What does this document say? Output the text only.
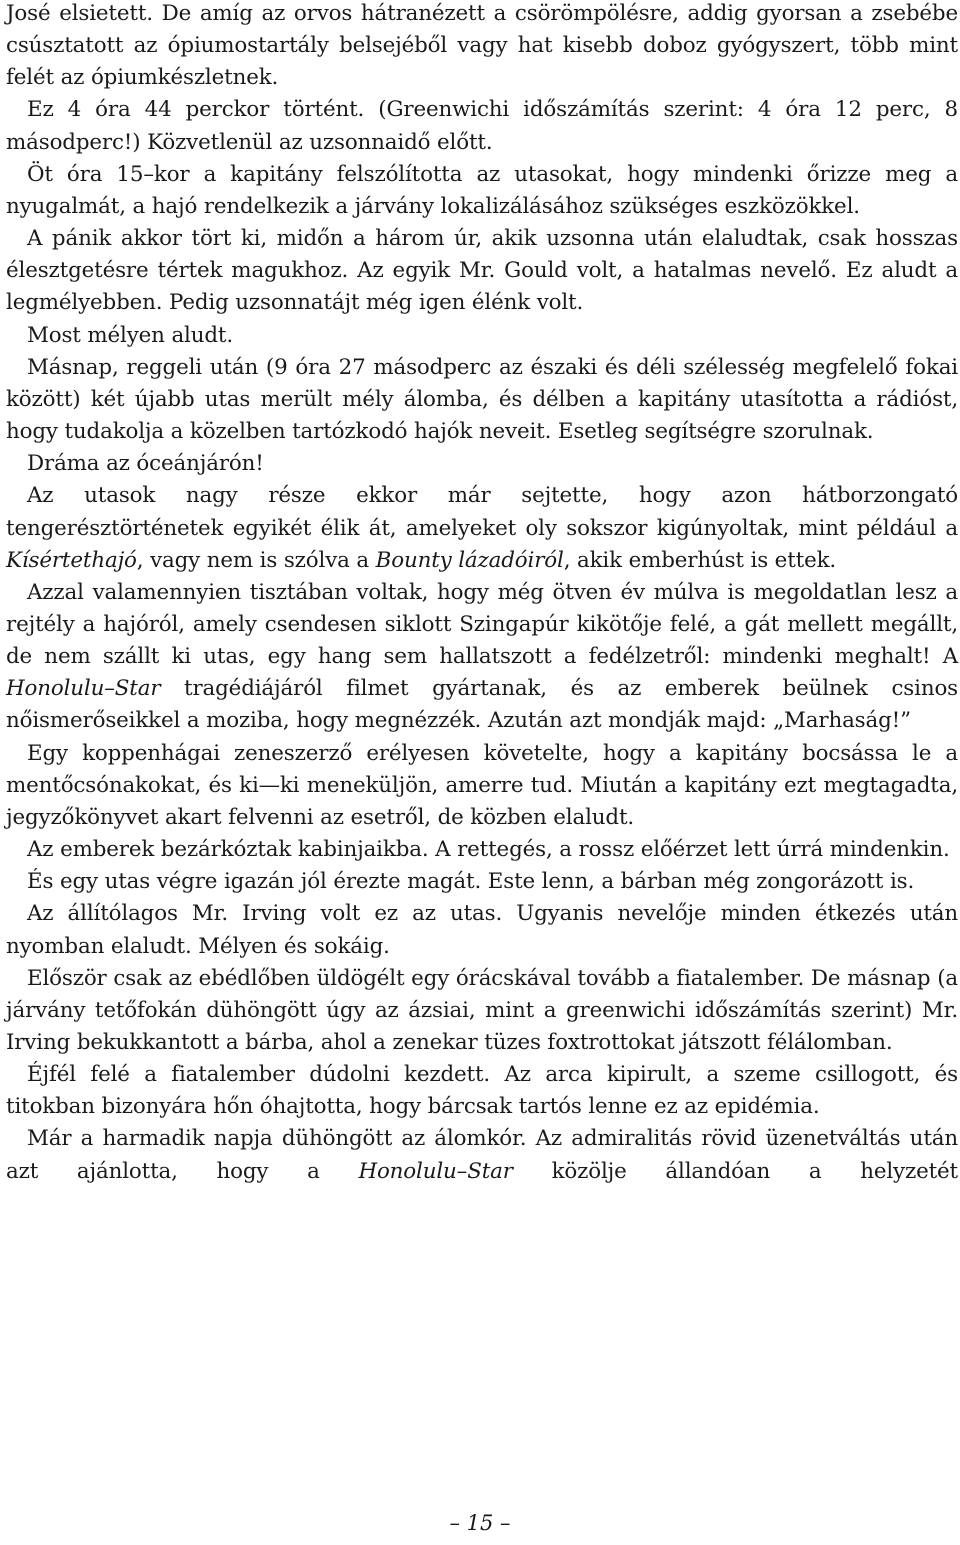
José elsietett. De amíg az orvos hátranézett a csörömpölésre, addig gyorsan a zsebébe csúsztatott az ópiumostartály belsejéből vagy hat kisebb doboz gyógyszert, több mint felét az ópiumkészletnek.

Ez 4 óra 44 perckor történt. (Greenwichi időszámítás szerint: 4 óra 12 perc, 8 másodperc!) Közvetlenül az uzsonnaidő előtt.

Öt óra 15–kor a kapitány felszólította az utasokat, hogy mindenki őrizze meg a nyugalmát, a hajó rendelkezik a járvány lokalizálásához szükséges eszközökkel.

A pánik akkor tört ki, midőn a három úr, akik uzsonna után elaludtak, csak hosszas élesztgetésre tértek magukhoz. Az egyik Mr. Gould volt, a hatalmas nevelő. Ez aludt a legmélyebben. Pedig uzsonnatájt még igen élénk volt.

Most mélyen aludt.

Másnap, reggeli után (9 óra 27 másodperc az északi és déli szélesség megfelelő fokai között) két újabb utas merült mély álomba, és délben a kapitány utasította a rádióst, hogy tudakolja a közelben tartózkodó hajók neveit. Esetleg segítségre szorulnak.

Dráma az óceánjárón!

Az utasok nagy része ekkor már sejtette, hogy azon hátborzongató tengerésztörténetek egyikét élik át, amelyeket oly sokszor kigúnyoltak, mint például a Kísértethajó, vagy nem is szólva a Bounty lázadóiról, akik emberhúst is ettek.

Azzal valamennyien tisztában voltak, hogy még ötven év múlva is megoldatlan lesz a rejtély a hajóról, amely csendesen siklott Szingapúr kikötője felé, a gát mellett megállt, de nem szállt ki utas, egy hang sem hallatszott a fedélzetről: mindenki meghalt! A Honolulu–Star tragédiájáról filmet gyártanak, és az emberek beülnek csinos nőismerőseikkel a moziba, hogy megnézzék. Azután azt mondják majd: „Marhaság!”

Egy koppenhágai zeneszerző erélyesen követelte, hogy a kapitány bocsássa le a mentőcsónakokat, és ki—ki meneküljön, amerre tud. Miután a kapitány ezt megtagadta, jegyzőkönyvet akart felvenni az esetről, de közben elaludt.

Az emberek bezárkóztak kabinjaikba. A rettegés, a rossz előérzet lett úrrá mindenkin.

És egy utas végre igazán jól érezte magát. Este lenn, a bárban még zongorázott is.

Az állítólagos Mr. Irving volt ez az utas. Ugyanis nevelője minden étkezés után nyomban elaludt. Mélyen és sokáig.

Először csak az ebédlőben üldögélt egy órácskával tovább a fiatalember. De másnap (a járvány tetőfokán dühöngött úgy az ázsiai, mint a greenwichi időszámítás szerint) Mr. Irving bekukkantott a bárba, ahol a zenekar tüzes foxtrottokat játszott félálomban.

Éjfél felé a fiatalember dúdolni kezdett. Az arca kipirult, a szeme csillogott, és titokban bizonyára hőn óhajtotta, hogy bárcsak tartós lenne ez az epidémia.

Már a harmadik napja dühöngött az álomkór. Az admiralitás rövid üzenetváltás után azt ajánlotta, hogy a Honolulu–Star közölje állandóan a helyzetét

– 15 –
